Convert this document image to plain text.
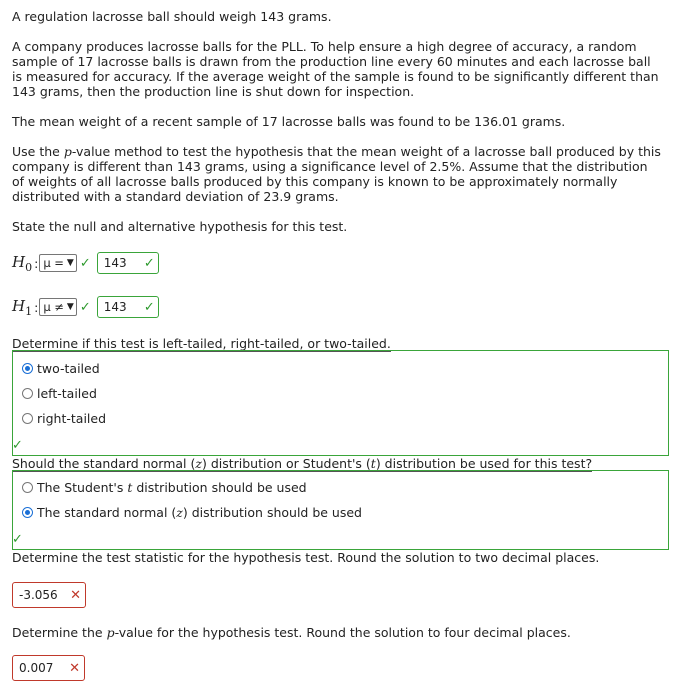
A regulation lacrosse ball should weigh 143 grams.

A company produces lacrosse balls for the PLL. To help ensure a high degree of accuracy, a random sample of 17 lacrosse balls is drawn from the production line every 60 minutes and each lacrosse ball is measured for accuracy. If the average weight of the sample is found to be significantly different than 143 grams, then the production line is shut down for inspection.

The mean weight of a recent sample of 17 lacrosse balls was found to be 136.01 grams.

Use the p-value method to test the hypothesis that the mean weight of a lacrosse ball produced by this company is different than 143 grams, using a significance level of 2.5%. Assume that the distribution of weights of all lacrosse balls produced by this company is known to be approximately normally distributed with a standard deviation of 23.9 grams.

State the null and alternative hypothesis for this test.

$H_0$ : μ = ▼ ✓ 143 ✓
$H_1$ : μ ≠ ▼ ✓ 143 ✓
Determine if this test is left-tailed, right-tailed, or two-tailed.
two-tailed
left-tailed
right-tailed
✓
Should the standard normal (z) distribution or Student's (t) distribution be used for this test?
The Student's t distribution should be used
The standard normal (z) distribution should be used
✓

Determine the test statistic for the hypothesis test. Round the solution to two decimal places.

-3.056 ✕

Determine the p-value for the hypothesis test. Round the solution to four decimal places.

0.007 ✕
